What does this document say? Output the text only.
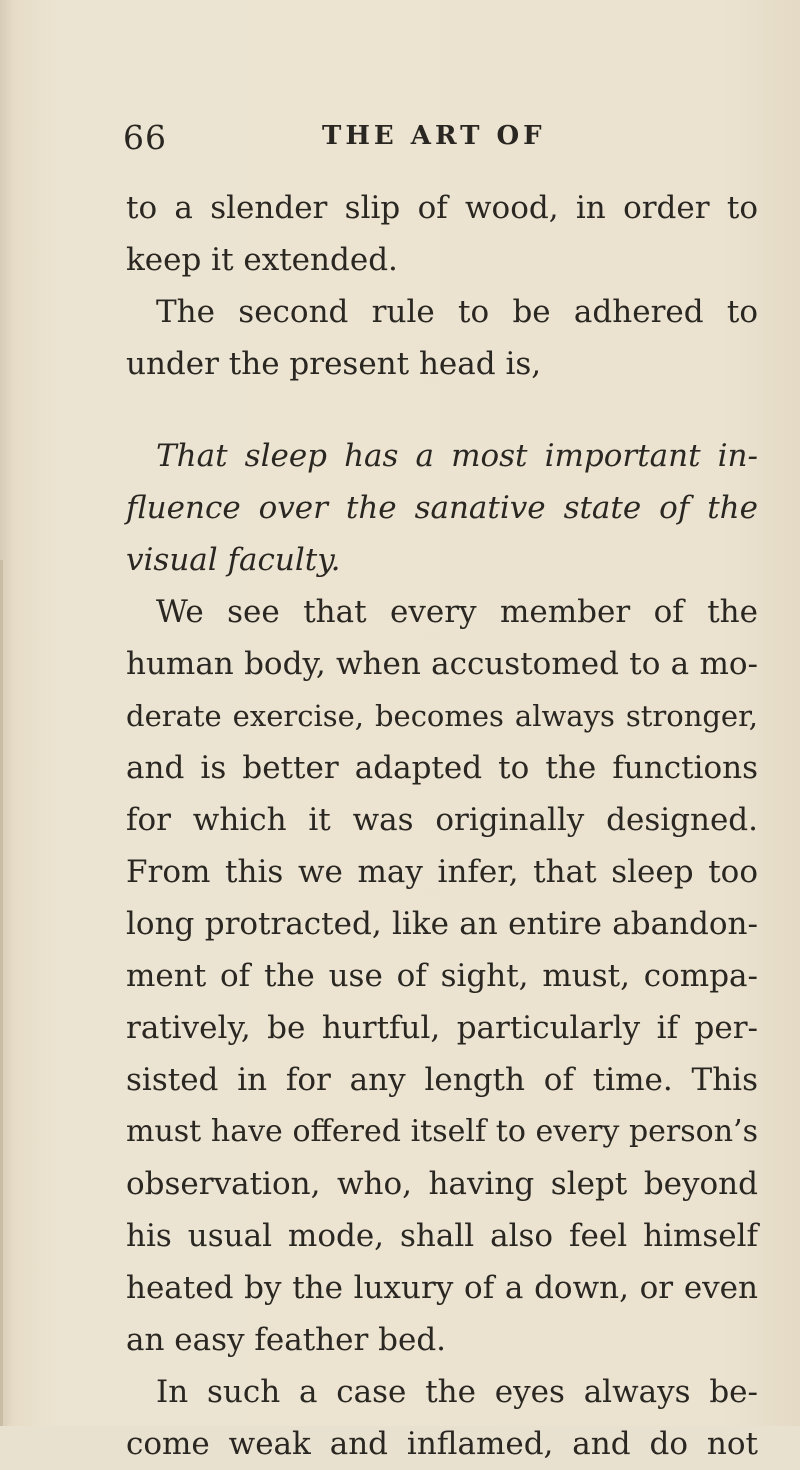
66	THE ART OF
to a slender slip of wood, in order to
keep it extended.
The second rule to be adhered to
under the present head is,
That sleep has a most important in-
fluence over the sanative state of the
visual faculty.
We see that every member of the
human body, when accustomed to a mo-
derate exercise, becomes always stronger,
and is better adapted to the functions
for which it was originally designed.
From this we may infer, that sleep too
long protracted, like an entire abandon-
ment of the use of sight, must, compa-
ratively, be hurtful, particularly if per-
sisted in for any length of time. This
must have offered itself to every person’s
observation, who, having slept beyond
his usual mode, shall also feel himself
heated by the luxury of a down, or even
an easy feather bed.
In such a case the eyes always be-
come weak and inflamed, and do not
